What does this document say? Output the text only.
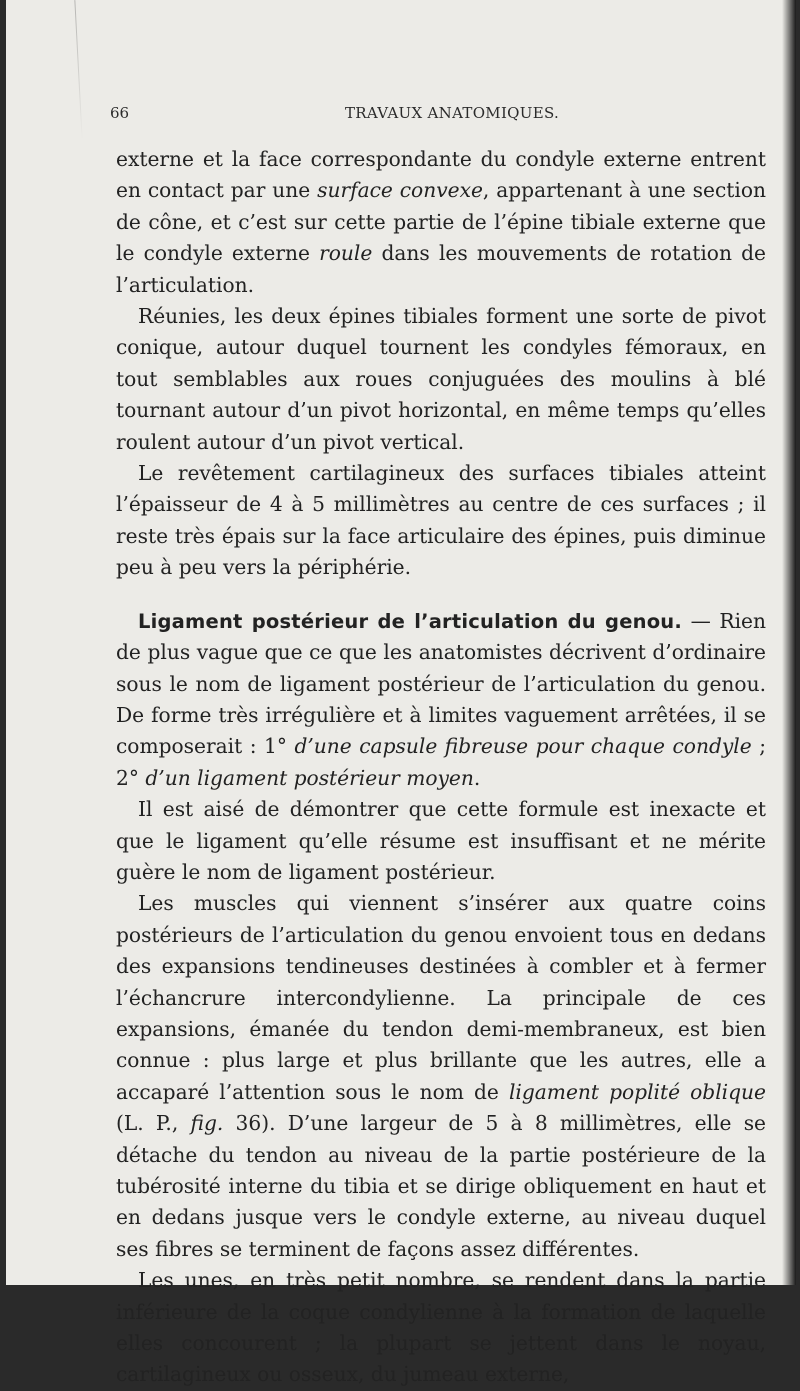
66	TRAVAUX ANATOMIQUES.

externe et la face correspondante du condyle externe entrent en contact par une surface convexe, appartenant à une section de cône, et c’est sur cette partie de l’épine tibiale externe que le condyle externe roule dans les mouvements de rotation de l’articulation.

Réunies, les deux épines tibiales forment une sorte de pivot conique, autour duquel tournent les condyles fémoraux, en tout semblables aux roues conjuguées des moulins à blé tournant autour d’un pivot horizontal, en même temps qu’elles roulent autour d’un pivot vertical.

Le revêtement cartilagineux des surfaces tibiales atteint l’épaisseur de 4 à 5 millimètres au centre de ces surfaces ; il reste très épais sur la face articulaire des épines, puis diminue peu à peu vers la périphérie.

Ligament postérieur de l’articulation du genou. — Rien de plus vague que ce que les anatomistes décrivent d’ordinaire sous le nom de ligament postérieur de l’articulation du genou. De forme très irrégulière et à limites vaguement arrêtées, il se composerait : 1° d’une capsule fibreuse pour chaque condyle ; 2° d’un ligament postérieur moyen.

Il est aisé de démontrer que cette formule est inexacte et que le ligament qu’elle résume est insuffisant et ne mérite guère le nom de ligament postérieur.

Les muscles qui viennent s’insérer aux quatre coins postérieurs de l’articulation du genou envoient tous en dedans des expansions tendineuses destinées à combler et à fermer l’échancrure intercondylienne. La principale de ces expansions, émanée du tendon demi-membraneux, est bien connue : plus large et plus brillante que les autres, elle a accaparé l’attention sous le nom de ligament poplité oblique (L. P., fig. 36). D’une largeur de 5 à 8 millimètres, elle se détache du tendon au niveau de la partie postérieure de la tubérosité interne du tibia et se dirige obliquement en haut et en dedans jusque vers le condyle externe, au niveau duquel ses fibres se terminent de façons assez différentes.

Les unes, en très petit nombre, se rendent dans la partie inférieure de la coque condylienne à la formation de laquelle elles concourent ; la plupart se jettent dans le noyau, cartilagineux ou osseux, du jumeau externe,
